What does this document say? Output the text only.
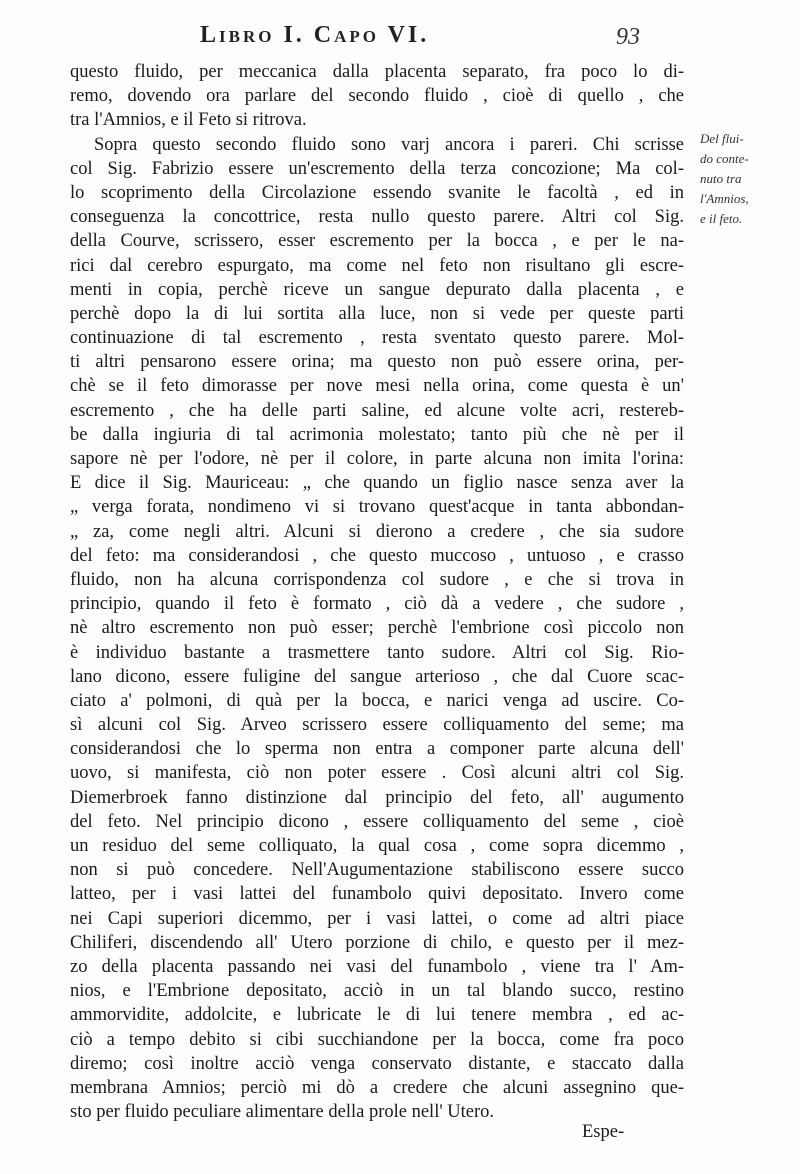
Libro I. Capo VI.	93
questo fluido, per meccanica dalla placenta separato, fra poco lo di-
remo, dovendo ora parlare del secondo fluido , cioè di quello , che
tra l'Amnios, e il Feto si ritrova.
Sopra questo secondo fluido sono varj ancora i pareri. Chi scrisse
col Sig. Fabrizio essere un'escremento della terza concozione; Ma col-
lo scoprimento della Circolazione essendo svanite le facoltà , ed in
conseguenza la concottrice, resta nullo questo parere. Altri col Sig.
della Courve, scrissero, esser escremento per la bocca , e per le na-
rici dal cerebro espurgato, ma come nel feto non risultano gli escre-
menti in copia, perchè riceve un sangue depurato dalla placenta , e
perchè dopo la di lui sortita alla luce, non si vede per queste parti
continuazione di tal escremento , resta sventato questo parere. Mol-
ti altri pensarono essere orina; ma questo non può essere orina, per-
chè se il feto dimorasse per nove mesi nella orina, come questa è un'
escremento , che ha delle parti saline, ed alcune volte acri, restereb-
be dalla ingiuria di tal acrimonia molestato; tanto più che nè per il
sapore nè per l'odore, nè per il colore, in parte alcuna non imita l'orina:
E dice il Sig. Mauriceau: „ che quando un figlio nasce senza aver la
„ verga forata, nondimeno vi si trovano quest'acque in tanta abbondan-
„ za, come negli altri. Alcuni si dierono a credere , che sia sudore
del feto: ma considerandosi , che questo muccoso , untuoso , e crasso
fluido, non ha alcuna corrispondenza col sudore , e che si trova in
principio, quando il feto è formato , ciò dà a vedere , che sudore ,
nè altro escremento non può esser; perchè l'embrione così piccolo non
è individuo bastante a trasmettere tanto sudore. Altri col Sig. Rio-
lano dicono, essere fuligine del sangue arterioso , che dal Cuore scac-
ciato a' polmoni, di quà per la bocca, e narici venga ad uscire. Co-
sì alcuni col Sig. Arveo scrissero essere colliquamento del seme; ma
considerandosi che lo sperma non entra a componer parte alcuna dell'
uovo, si manifesta, ciò non poter essere . Così alcuni altri col Sig.
Diemerbroek fanno distinzione dal principio del feto, all' augumento
del feto. Nel principio dicono , essere colliquamento del seme , cioè
un residuo del seme colliquato, la qual cosa , come sopra dicemmo ,
non si può concedere. Nell'Augumentazione stabiliscono essere succo
latteo, per i vasi lattei del funambolo quivi depositato. Invero come
nei Capi superiori dicemmo, per i vasi lattei, o come ad altri piace
Chiliferi, discendendo all' Utero porzione di chilo, e questo per il mez-
zo della placenta passando nei vasi del funambolo , viene tra l' Am-
nios, e l'Embrione depositato, acciò in un tal blando succo, restino
ammorvidite, addolcite, e lubricate le di lui tenere membra , ed ac-
ciò a tempo debito si cibi succhiandone per la bocca, come fra poco
diremo; così inoltre acciò venga conservato distante, e staccato dalla
membrana Amnios; perciò mi dò a credere che alcuni assegnino que-
sto per fluido peculiare alimentare della prole nell' Utero.
Del flui-
do conte-
nuto tra
l'Amnios,
e il feto.
Espe-
